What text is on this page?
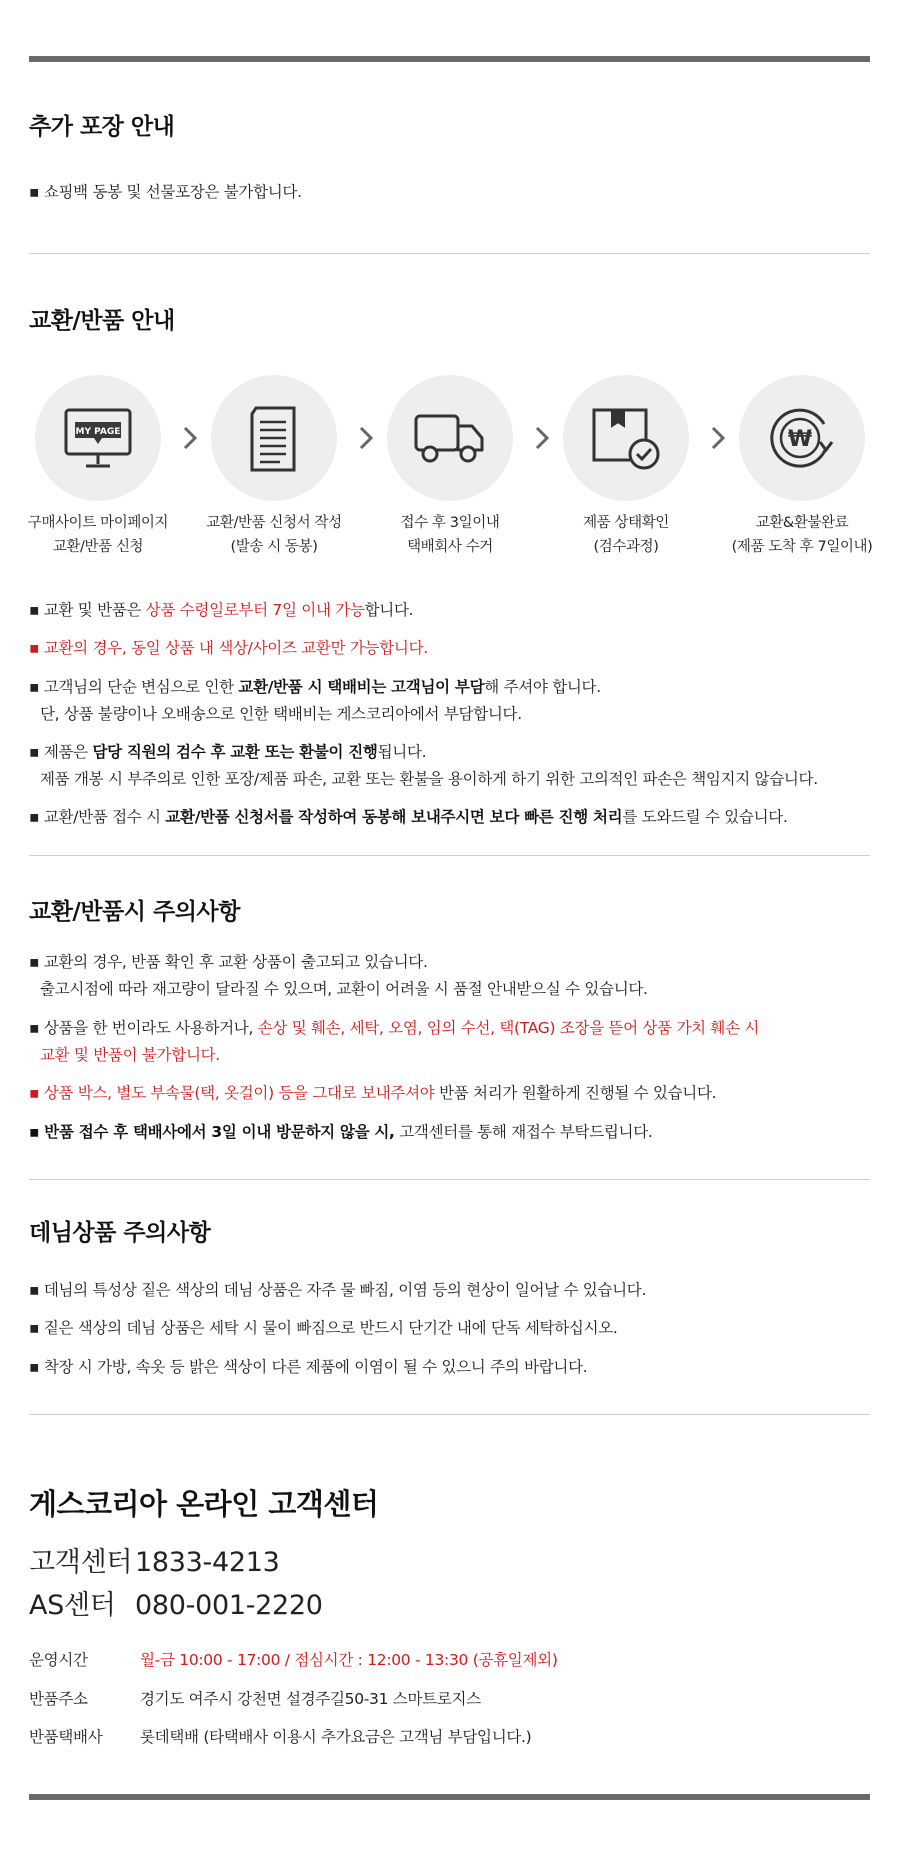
추가 포장 안내
▪ 쇼핑백 동봉 및 선물포장은 불가합니다.
교환/반품 안내
MY PAGE
구매사이트 마이페이지
교환/반품 신청
교환/반품 신청서 작성
(발송 시 동봉)
접수 후 3일이내
택배회사 수거
제품 상태확인
(검수과정)
₩
교환&환불완료
(제품 도착 후 7일이내)
▪ 교환 및 반품은 상품 수령일로부터 7일 이내 가능합니다.
▪ 교환의 경우, 동일 상품 내 색상/사이즈 교환만 가능합니다.
▪ 고객님의 단순 변심으로 인한 교환/반품 시 택배비는 고객님이 부담해 주셔야 합니다.
단, 상품 불량이나 오배송으로 인한 택배비는 게스코리아에서 부담합니다.
▪ 제품은 담당 직원의 검수 후 교환 또는 환불이 진행됩니다.
제품 개봉 시 부주의로 인한 포장/제품 파손, 교환 또는 환불을 용이하게 하기 위한 고의적인 파손은 책임지지 않습니다.
▪ 교환/반품 접수 시 교환/반품 신청서를 작성하여 동봉해 보내주시면 보다 빠른 진행 처리를 도와드릴 수 있습니다.
교환/반품시 주의사항
▪ 교환의 경우, 반품 확인 후 교환 상품이 출고되고 있습니다.
출고시점에 따라 재고량이 달라질 수 있으며, 교환이 어려울 시 품절 안내받으실 수 있습니다.
▪ 상품을 한 번이라도 사용하거나, 손상 및 훼손, 세탁, 오염, 임의 수선, 택(TAG) 조장을 뜯어 상품 가치 훼손 시
교환 및 반품이 불가합니다.
▪ 상품 박스, 별도 부속물(택, 옷걸이) 등을 그대로 보내주셔야 반품 처리가 원활하게 진행될 수 있습니다.
▪ 반품 접수 후 택배사에서 3일 이내 방문하지 않을 시, 고객센터를 통해 재접수 부탁드립니다.
데님상품 주의사항
▪ 데님의 특성상 짙은 색상의 데님 상품은 자주 물 빠짐, 이염 등의 현상이 일어날 수 있습니다.
▪ 짙은 색상의 데님 상품은 세탁 시 물이 빠짐으로 반드시 단기간 내에 단독 세탁하십시오.
▪ 착장 시 가방, 속옷 등 밝은 색상이 다른 제품에 이염이 될 수 있으니 주의 바랍니다.
게스코리아 온라인 고객센터
고객센터 1833-4213
AS센터 080-001-2220
운영시간	월-금 10:00 - 17:00 / 점심시간 : 12:00 - 13:30 (공휴일제외)
반품주소	경기도 여주시 강천면 설경주길50-31 스마트로지스
반품택배사 롯데택배 (타택배사 이용시 추가요금은 고객님 부담입니다.)
